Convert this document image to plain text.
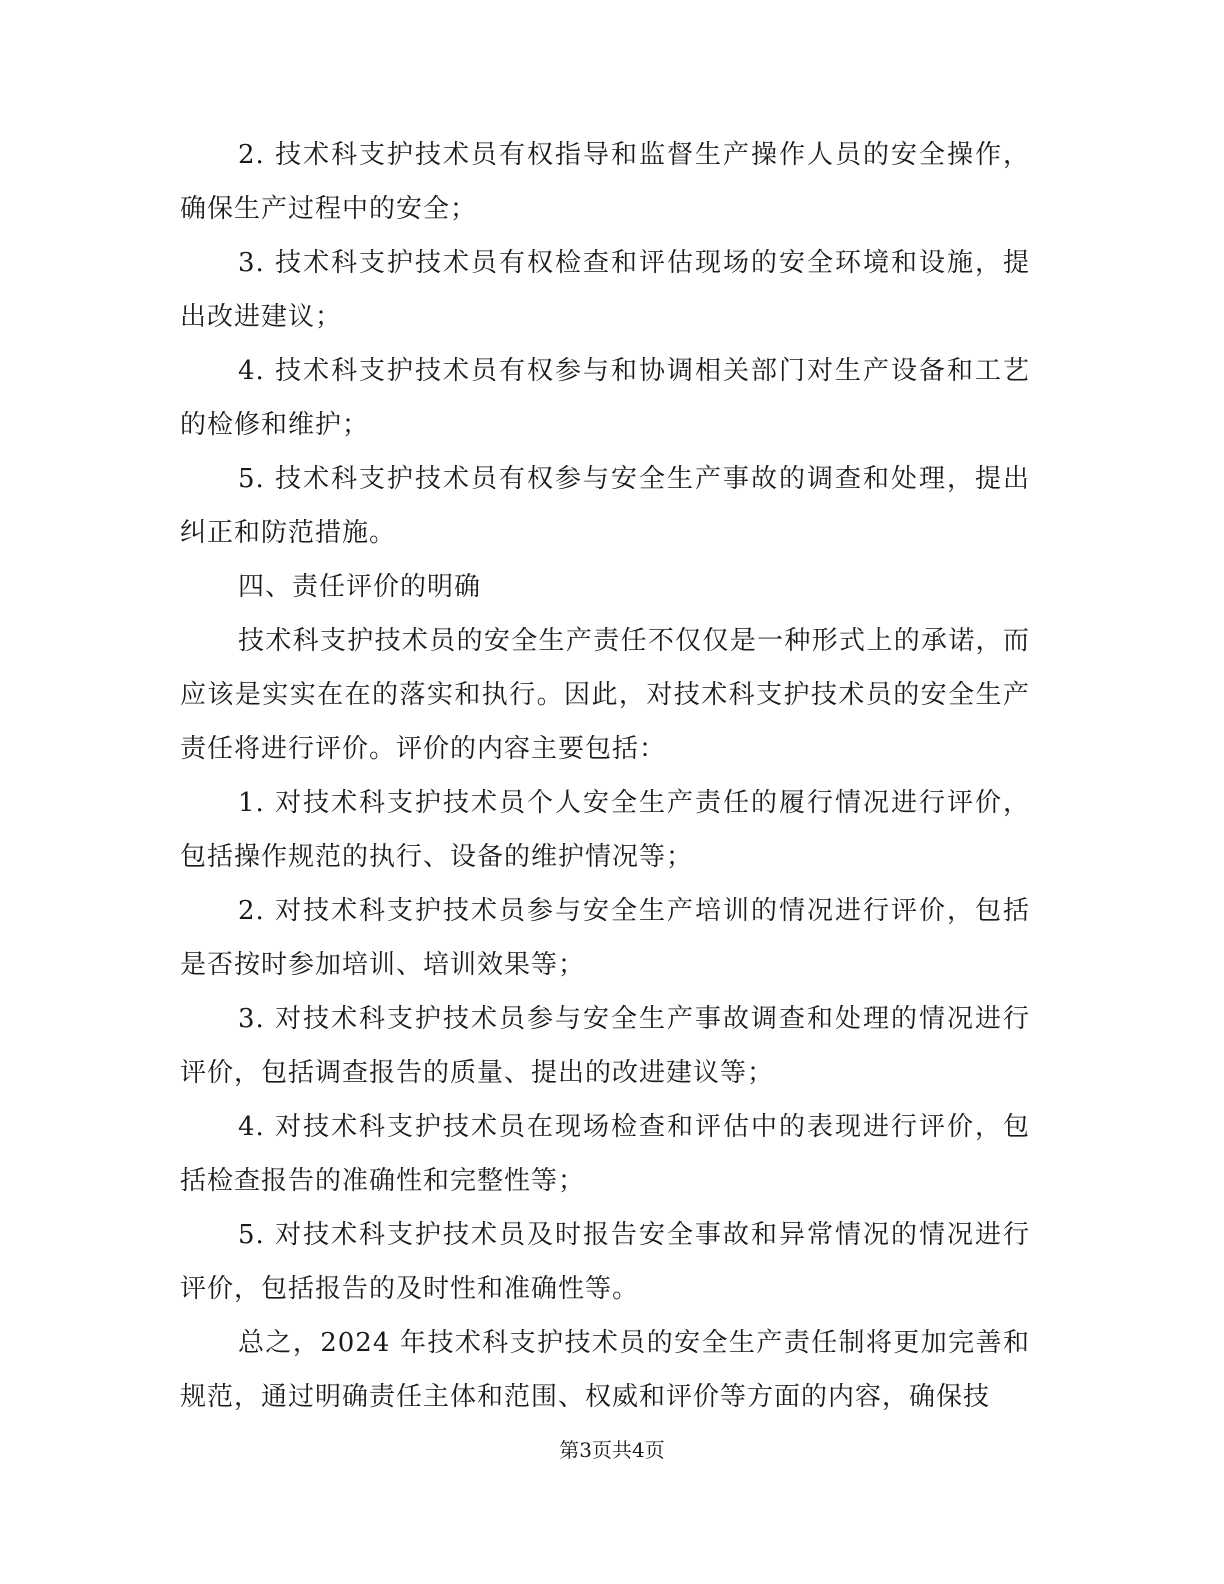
2. 技术科支护技术员有权指导和监督生产操作人员的安全操作，确保生产过程中的安全；

3. 技术科支护技术员有权检查和评估现场的安全环境和设施，提出改进建议；

4. 技术科支护技术员有权参与和协调相关部门对生产设备和工艺的检修和维护；

5. 技术科支护技术员有权参与安全生产事故的调查和处理，提出纠正和防范措施。

四、责任评价的明确

技术科支护技术员的安全生产责任不仅仅是一种形式上的承诺，而应该是实实在在的落实和执行。因此，对技术科支护技术员的安全生产责任将进行评价。评价的内容主要包括：

1. 对技术科支护技术员个人安全生产责任的履行情况进行评价，包括操作规范的执行、设备的维护情况等；

2. 对技术科支护技术员参与安全生产培训的情况进行评价，包括是否按时参加培训、培训效果等；

3. 对技术科支护技术员参与安全生产事故调查和处理的情况进行评价，包括调查报告的质量、提出的改进建议等；

4. 对技术科支护技术员在现场检查和评估中的表现进行评价，包括检查报告的准确性和完整性等；

5. 对技术科支护技术员及时报告安全事故和异常情况的情况进行评价，包括报告的及时性和准确性等。

总之，2024 年技术科支护技术员的安全生产责任制将更加完善和规范，通过明确责任主体和范围、权威和评价等方面的内容，确保技

第3页共4页
